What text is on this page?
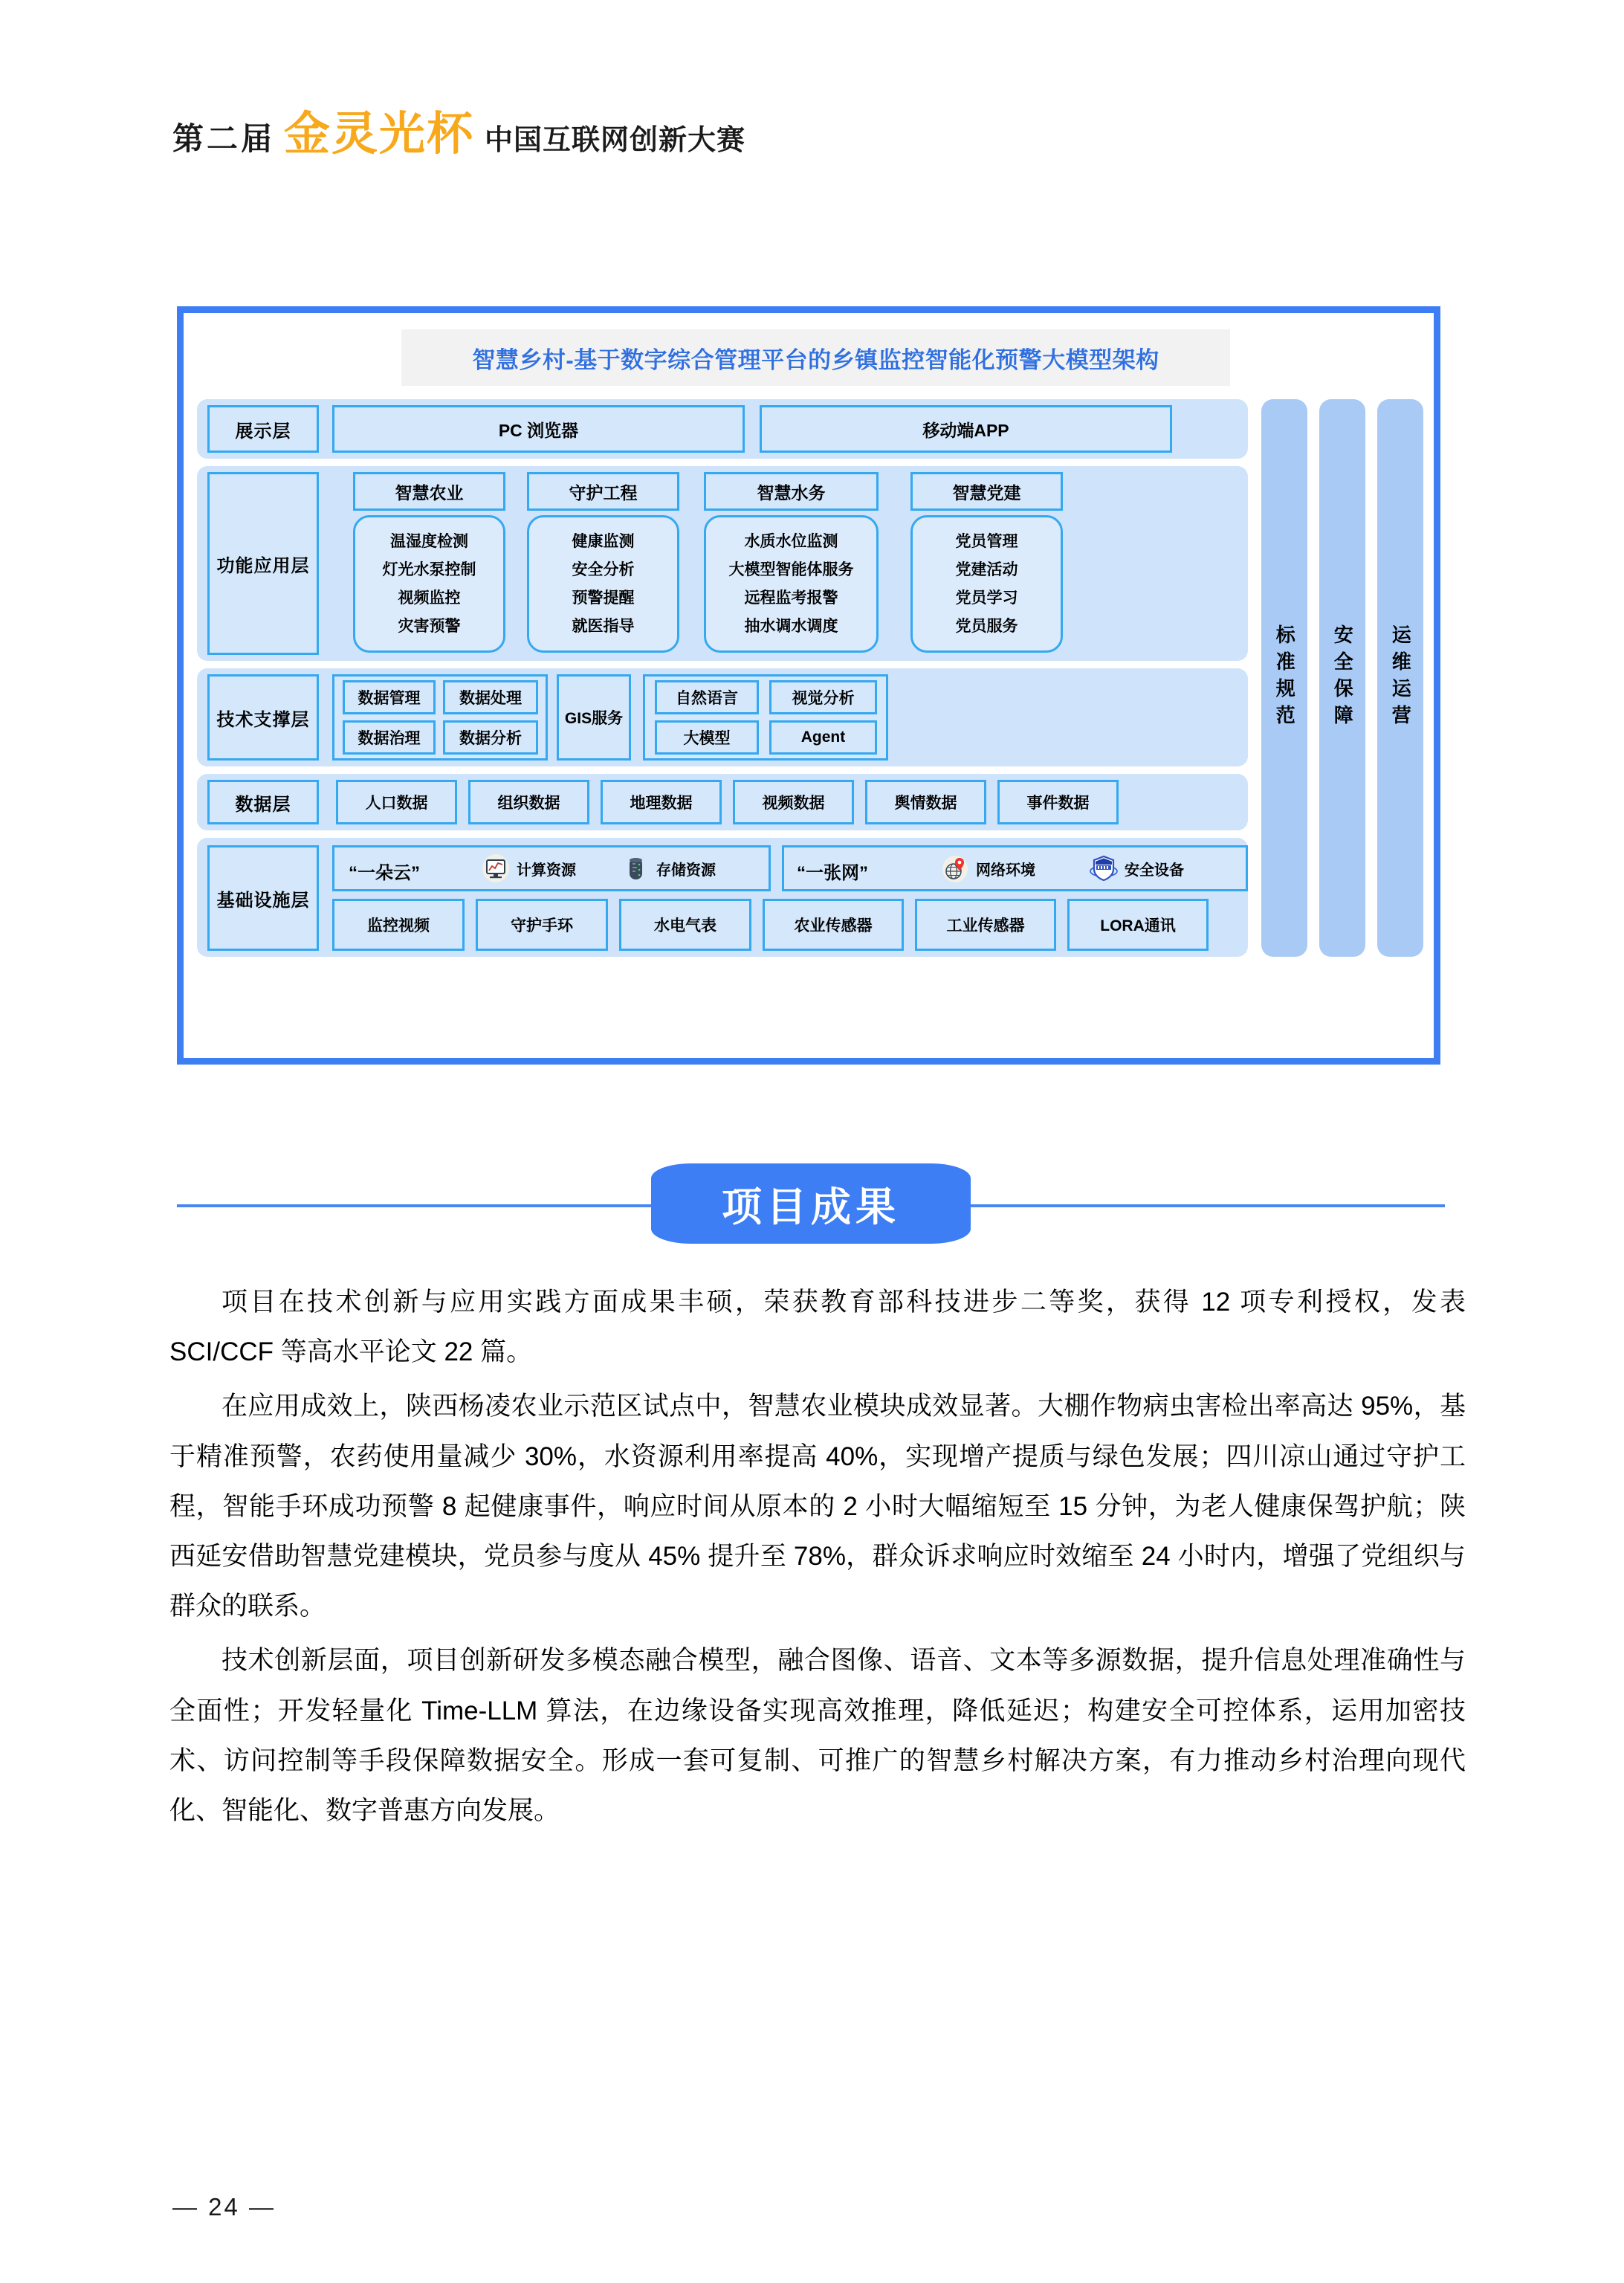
第二届 金灵光杯 中国互联网创新大赛
智慧乡村-基于数字综合管理平台的乡镇监控智能化预警大模型架构
展示层	PC 浏览器	移动端APP
功能应用层
智慧农业
温湿度检测
灯光水泵控制
视频监控
灾害预警
守护工程
健康监测
安全分析
预警提醒
就医指导
智慧水务
水质水位监测
大模型智能体服务
远程监考报警
抽水调水调度
智慧党建
党员管理
党建活动
党员学习
党员服务
技术支撑层
数据管理	数据处理
数据治理	数据分析
GIS服务
自然语言	视觉分析
大模型	Agent
数据层	人口数据	组织数据	地理数据	视频数据	舆情数据	事件数据
基础设施层
“一朵云”	计算资源	存储资源	“一张网”	网络环境	安全设备
监控视频	守护手环	水电气表	农业传感器	工业传感器	LORA通讯
标准规范 安全保障 运维运营
项目成果

项目在技术创新与应用实践方面成果丰硕，荣获教育部科技进步二等奖，获得 12 项专利授权，发表 SCI/CCF 等高水平论文 22 篇。

在应用成效上，陕西杨凌农业示范区试点中，智慧农业模块成效显著。大棚作物病虫害检出率高达 95%，基于精准预警，农药使用量减少 30%，水资源利用率提高 40%，实现增产提质与绿色发展；四川凉山通过守护工程，智能手环成功预警 8 起健康事件，响应时间从原本的 2 小时大幅缩短至 15 分钟，为老人健康保驾护航；陕西延安借助智慧党建模块，党员参与度从 45% 提升至 78%，群众诉求响应时效缩至 24 小时内，增强了党组织与群众的联系。

技术创新层面，项目创新研发多模态融合模型，融合图像、语音、文本等多源数据，提升信息处理准确性与全面性；开发轻量化 Time-LLM 算法，在边缘设备实现高效推理，降低延迟；构建安全可控体系，运用加密技术、访问控制等手段保障数据安全。形成一套可复制、可推广的智慧乡村解决方案，有力推动乡村治理向现代化、智能化、数字普惠方向发展。

— 24 —
